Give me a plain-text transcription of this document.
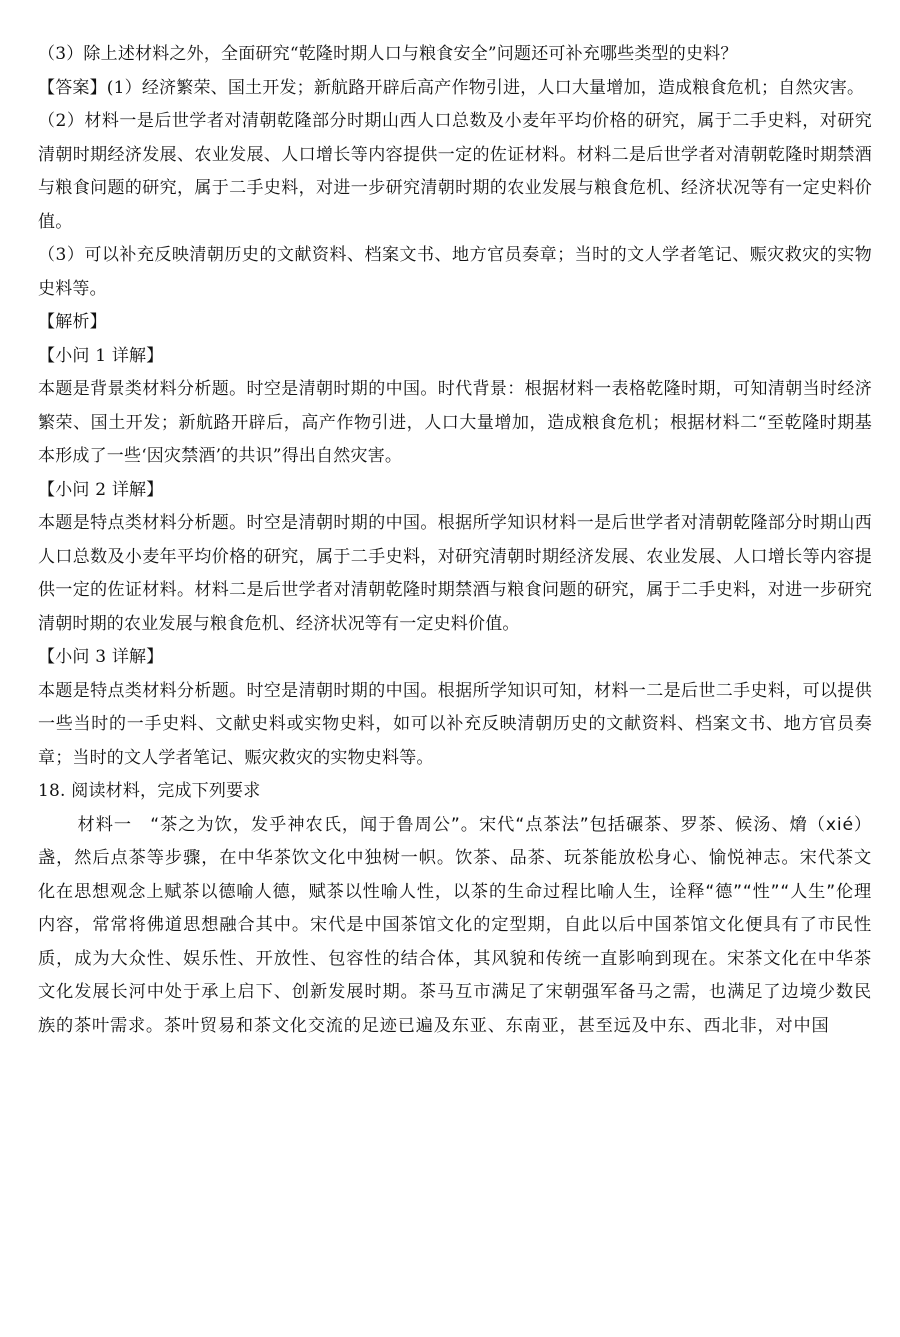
（3）除上述材料之外，全面研究“乾隆时期人口与粮食安全”问题还可补充哪些类型的史料？

【答案】(1）经济繁荣、国土开发；新航路开辟后高产作物引进，人口大量增加，造成粮食危机；自然灾害。

（2）材料一是后世学者对清朝乾隆部分时期山西人口总数及小麦年平均价格的研究，属于二手史料，对研究清朝时期经济发展、农业发展、人口增长等内容提供一定的佐证材料。材料二是后世学者对清朝乾隆时期禁酒与粮食问题的研究，属于二手史料，对进一步研究清朝时期的农业发展与粮食危机、经济状况等有一定史料价值。

（3）可以补充反映清朝历史的文献资料、档案文书、地方官员奏章；当时的文人学者笔记、赈灾救灾的实物史料等。

【解析】

【小问 1 详解】

本题是背景类材料分析题。时空是清朝时期的中国。时代背景：根据材料一表格乾隆时期，可知清朝当时经济繁荣、国土开发；新航路开辟后，高产作物引进，人口大量增加，造成粮食危机；根据材料二“至乾隆时期基本形成了一些‘因灾禁酒’的共识”得出自然灾害。

【小问 2 详解】

本题是特点类材料分析题。时空是清朝时期的中国。根据所学知识材料一是后世学者对清朝乾隆部分时期山西人口总数及小麦年平均价格的研究，属于二手史料，对研究清朝时期经济发展、农业发展、人口增长等内容提供一定的佐证材料。材料二是后世学者对清朝乾隆时期禁酒与粮食问题的研究，属于二手史料，对进一步研究清朝时期的农业发展与粮食危机、经济状况等有一定史料价值。

【小问 3 详解】

本题是特点类材料分析题。时空是清朝时期的中国。根据所学知识可知，材料一二是后世二手史料，可以提供一些当时的一手史料、文献史料或实物史料，如可以补充反映清朝历史的文献资料、档案文书、地方官员奏章；当时的文人学者笔记、赈灾救灾的实物史料等。

18. 阅读材料，完成下列要求

材料一　“茶之为饮，发乎神农氏，闻于鲁周公”。宋代“点茶法”包括碾茶、罗茶、候汤、熁（xié）盏，然后点茶等步骤，在中华茶饮文化中独树一帜。饮茶、品茶、玩茶能放松身心、愉悦神志。宋代茶文化在思想观念上赋茶以德喻人德，赋茶以性喻人性，以茶的生命过程比喻人生，诠释“德”“性”“人生”伦理内容，常常将佛道思想融合其中。宋代是中国茶馆文化的定型期，自此以后中国茶馆文化便具有了市民性质，成为大众性、娱乐性、开放性、包容性的结合体，其风貌和传统一直影响到现在。宋茶文化在中华茶文化发展长河中处于承上启下、创新发展时期。茶马互市满足了宋朝强军备马之需，也满足了边境少数民族的茶叶需求。茶叶贸易和茶文化交流的足迹已遍及东亚、东南亚，甚至远及中东、西北非，对中国
